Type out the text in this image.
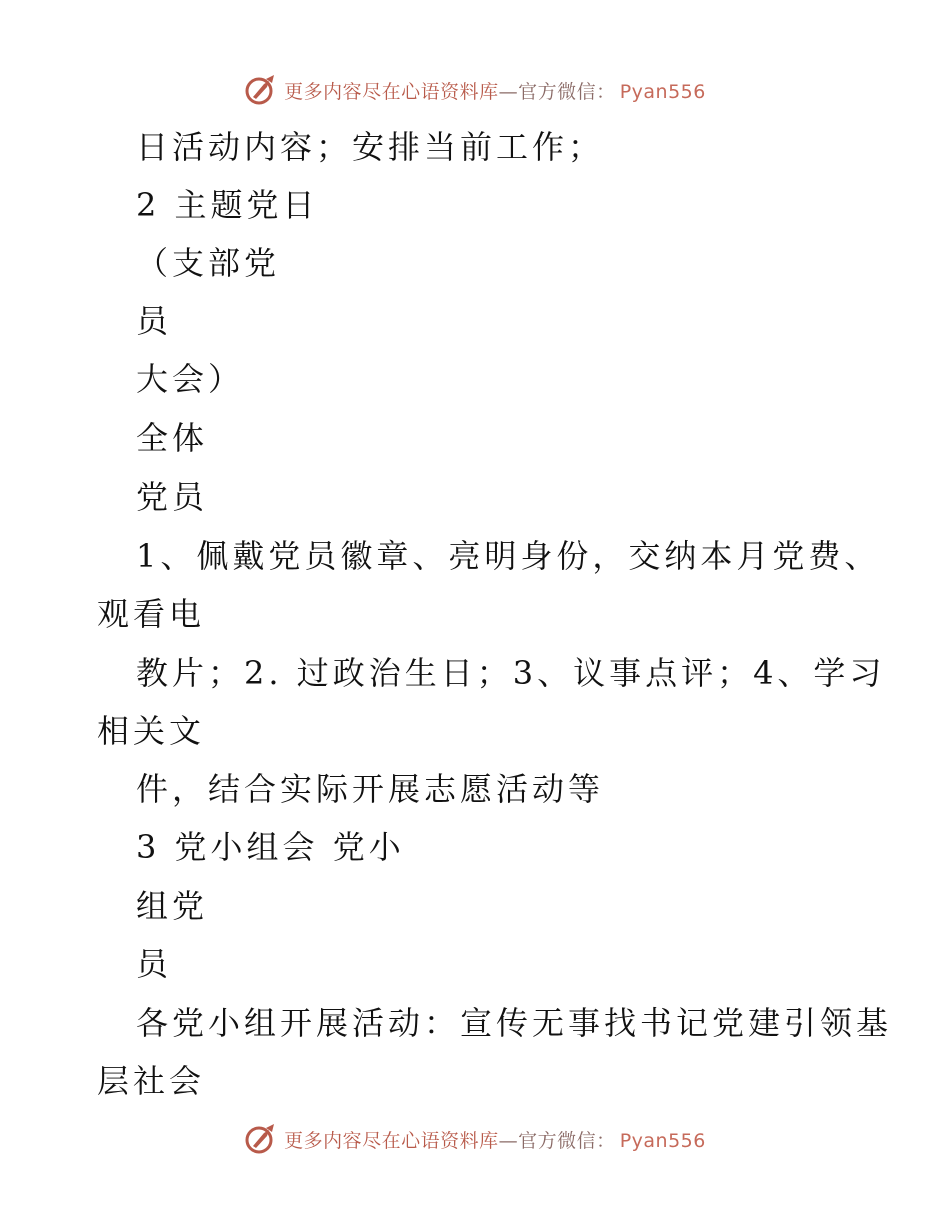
更多内容尽在心语资料库—官方微信： Pyan556
日活动内容；安排当前工作；
2 主题党日
（支部党
员
大会）
全体
党员
1、佩戴党员徽章、亮明身份，交纳本月党费、
观看电
教片；2. 过政治生日；3、议事点评；4、学习
相关文
件，结合实际开展志愿活动等
3 党小组会 党小
组党
员
各党小组开展活动：宣传无事找书记党建引领基
层社会
更多内容尽在心语资料库—官方微信： Pyan556
